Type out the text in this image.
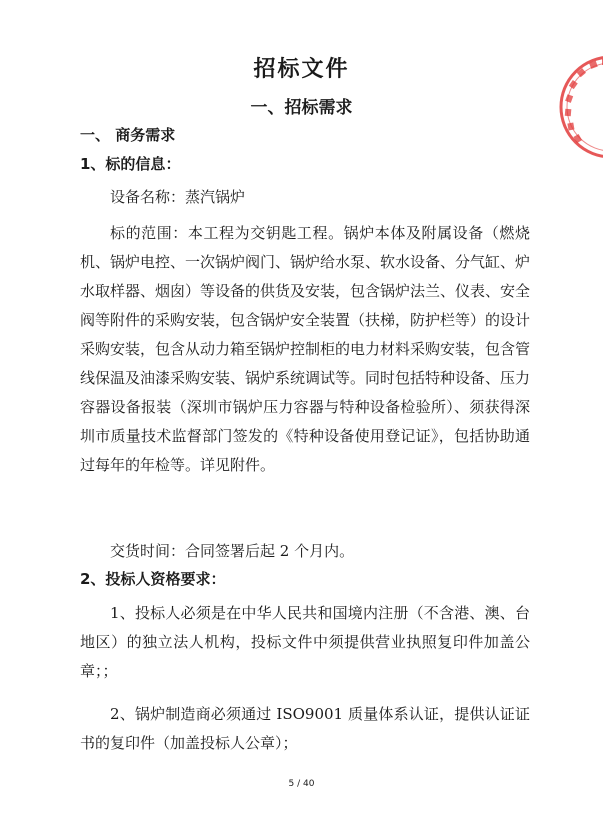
招标文件
一、招标需求
一、 商务需求
1、标的信息：
设备名称：蒸汽锅炉
标的范围：本工程为交钥匙工程。锅炉本体及附属设备（燃烧机、锅炉电控、一次锅炉阀门、锅炉给水泵、软水设备、分气缸、炉水取样器、烟囱）等设备的供货及安装，包含锅炉法兰、仪表、安全阀等附件的采购安装，包含锅炉安全装置（扶梯，防护栏等）的设计采购安装，包含从动力箱至锅炉控制柜的电力材料采购安装，包含管线保温及油漆采购安装、锅炉系统调试等。同时包括特种设备、压力容器设备报装（深圳市锅炉压力容器与特种设备检验所）、须获得深圳市质量技术监督部门签发的《特种设备使用登记证》，包括协助通过每年的年检等。详见附件。
交货时间：合同签署后起 2 个月内。
2、投标人资格要求：
1、投标人必须是在中华人民共和国境内注册（不含港、澳、台地区）的独立法人机构，投标文件中须提供营业执照复印件加盖公章；；
2、锅炉制造商必须通过 ISO9001 质量体系认证，提供认证证书的复印件（加盖投标人公章）；
5 / 40
